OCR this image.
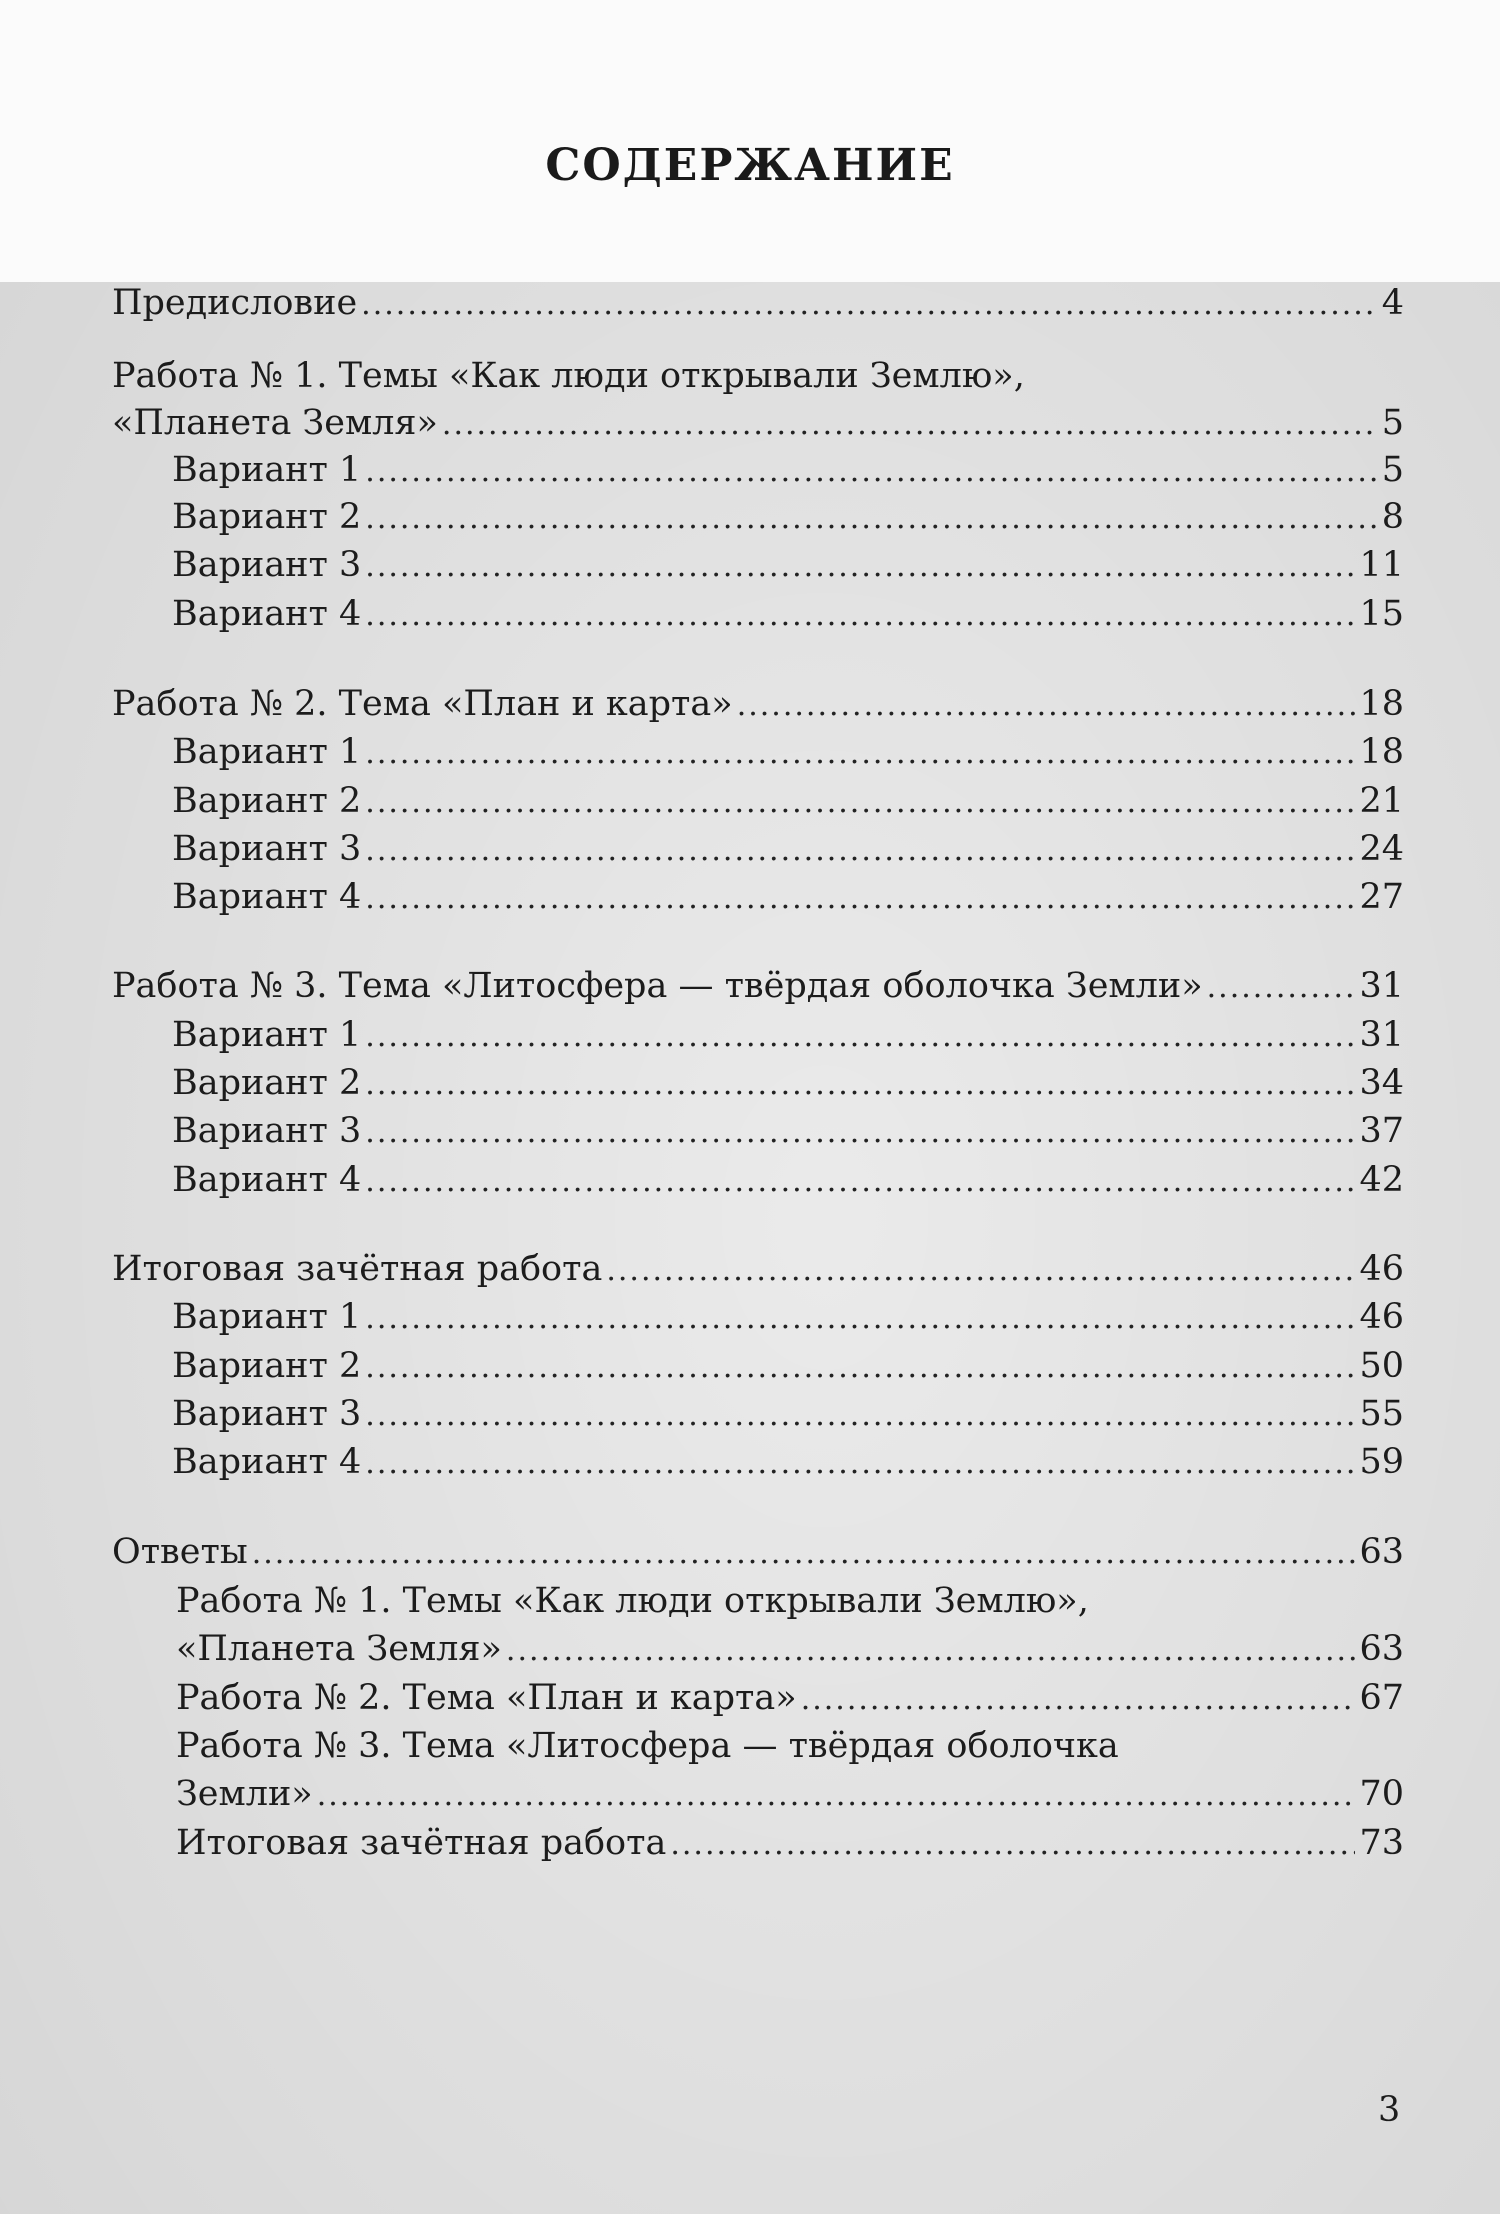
СОДЕРЖАНИЕ
Предисловие .....	4
Работа № 1. Темы «Как люди открывали Землю»,
«Планета Земля» .....	5
Вариант 1 .....	5
Вариант 2 .....	8
Вариант 3 .....	11
Вариант 4 .....	15
Работа № 2. Тема «План и карта» .....	18
Вариант 1 .....	18
Вариант 2 .....	21
Вариант 3 .....	24
Вариант 4 .....	27
Работа № 3. Тема «Литосфера — твёрдая оболочка Земли» .....	31
Вариант 1 .....	31
Вариант 2 .....	34
Вариант 3 .....	37
Вариант 4 .....	42
Итоговая зачётная работа .....	46
Вариант 1 .....	46
Вариант 2 .....	50
Вариант 3 .....	55
Вариант 4 .....	59
Ответы .....	63
Работа № 1. Темы «Как люди открывали Землю»,
«Планета Земля» .....	63
Работа № 2. Тема «План и карта» .....	67
Работа № 3. Тема «Литосфера — твёрдая оболочка
Земли» .....	70
Итоговая зачётная работа .....	73
3
